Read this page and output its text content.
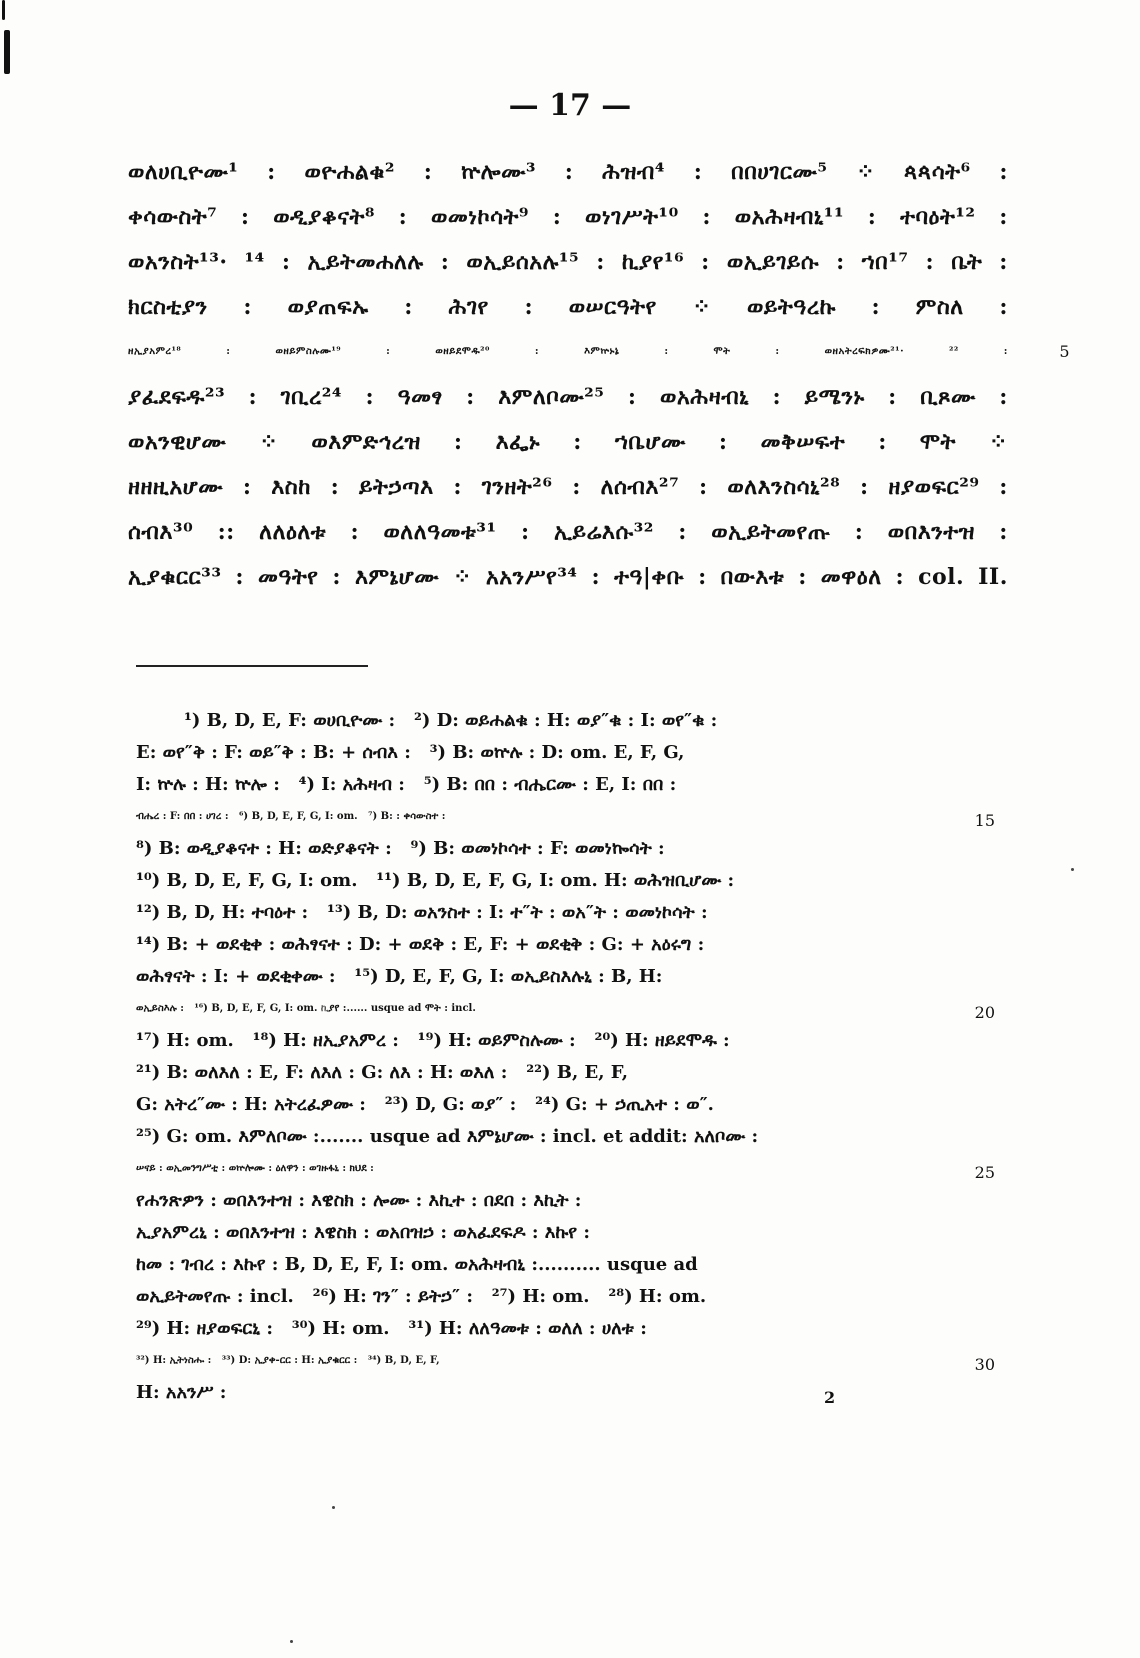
— 17 —
ወለሀቢዮሙ¹ : ወዮሐልቁ² : ኵሎሙ³ : ሕዝብ⁴ : በበሀገርሙ⁵ ⁘ ጳጳሳት⁶ :
ቀሳውስት⁷ : ወዲያቆናት⁸ : ወመነኮሳት⁹ : ወነገሥት¹⁰ : ወአሕዛብኒ¹¹ : ተባዕት¹² :
ወአንስት¹³· ¹⁴ : ኢይትመሐለሉ : ወኢይሰአሉ¹⁵ : ኪያየ¹⁶ : ወኢይገይሱ : ኀበ¹⁷ : ቤት :
ክርስቲያን : ወያጠፍኡ : ሕገየ : ወሠርዓትየ ⁘ ወይትዓረኩ : ምስለ :
ዘኢያአምረ¹⁸	:	ወዘይምስሉሙ¹⁹	:	ወዘይደሞዱ²⁰	:	እምኵኑኔ	:	ሞት	:	ወዘአትረፍክዎሙ²¹·	²²	:	5
ያፈደፍዱ²³ : ገቢረ²⁴ : ዓመፃ : እምለቦሙ²⁵ : ወአሕዛብኒ : ይሜንኑ : ቢጾሙ :
ወአንዊሆሙ ⁘ ወእምድኅረዝ : እፌኑ : ኀቤሆሙ : መቅሠፍተ : ሞት ⁘
ዘዘዚአሆሙ : እስከ : ይትኃጣእ : ገንዘት²⁶ : ለሰብእ²⁷ : ወለእንስሳኒ²⁸ : ዘያወፍር²⁹ :
ሰብእ³⁰ :: ለለዕለቱ : ወለለዓመቱ³¹ : ኢይሬእሱ³² : ወኢይትመየጡ : ወበእንተዝ :
ኢያቁርር³³ : መዓትየ : እምኔሆሙ ⁘ አአንሥየ³⁴ : ተዓ|ቀቡ : በውእቱ : መዋዕለ : col. II.
¹) B, D, E, F: ወሀቢዮሙ :   ²) D: ወይሐልቁ : H: ወያ″ቁ : I: ወየ″ቁ :
E: ወየ″ቅ : F: ወይ″ቅ : B: + ሰብእ :   ³) B: ወኵሉ : D: om. E, F, G,
I: ኵሉ : H: ኵሎ :   ⁴) I: አሕዛብ :   ⁵) B: በበ : ብሔርሙ : E, I: በበ :
ብሔረ : F: በበ : ሀገረ :   ⁶) B, D, E, F, G, I: om.   ⁷) B: : ቀሳውስተ :	15
⁸) B: ወዲያቆናተ : H: ወድያቆናት :   ⁹) B: ወመነኮሳተ : F: ወመነኰሳት :
¹⁰) B, D, E, F, G, I: om.   ¹¹) B, D, E, F, G, I: om. H: ወሕዝቢሆሙ :
¹²) B, D, H: ተባዕተ :   ¹³) B, D: ወአንስተ : I: ተ″ት : ወአ″ት : ወመነኮሳት :
¹⁴) B: + ወደቂቀ : ወሕፃናተ : D: + ወደቅ : E, F: + ወደቂቅ : G: + አዕሩግ :
ወሕፃናት : I: + ወደቂቀሙ :   ¹⁵) D, E, F, G, I: ወኢይስእሉኒ : B, H:
ወኢይስእሉ :   ¹⁶) B, D, E, F, G, I: om. ኪያየ :...... usque ad ሞት : incl.	20
¹⁷) H: om.   ¹⁸) H: ዘኢያአምረ :   ¹⁹) H: ወይምስሉሙ :   ²⁰) H: ዘይደሞዱ :
²¹) B: ወለእለ : E, F: ለእለ : G: ለእ : H: ወእለ :   ²²) B, E, F,
G: አትረ″ሙ : H: አትረፈዎሙ :   ²³) D, G: ወያ″ :   ²⁴) G: + ኃጢአተ : ወ″.
²⁵) G: om. እምለቦሙ :....... usque ad እምኔሆሙ : incl. et addit: አለቦሙ :
ሠናይ : ወኢመንግሥቲ : ወኵሎሙ : ዕለዋን : ወገዙፋኒ : ክህደ :	25
የሐንጽዎን : ወበእንተዝ : እዌስክ : ሎሙ : እኪተ : በደበ : እኪት :
ኢያአምረኒ : ወበእንተዝ : እዌስክ : ወአበዝኃ : ወአፈደፍዶ : እኩየ :
ከመ : ገብረ : እኩየ : B, D, E, F, I: om. ወአሕዛብኒ :.......... usque ad
ወኢይትመየጡ : incl.   ²⁶) H: ገን″ : ይትኃ″ :   ²⁷) H: om.   ²⁸) H: om.
²⁹) H: ዘያወፍርኒ :   ³⁰) H: om.   ³¹) H: ለለዓመቱ : ወለለ : ሀለቱ :
³²) H: ኢትነስሑ :   ³³) D: ኢያቀ-ርር : H: ኢያቁርር :   ³⁴) B, D, E, F,	30
H: አአንሥ :	2
